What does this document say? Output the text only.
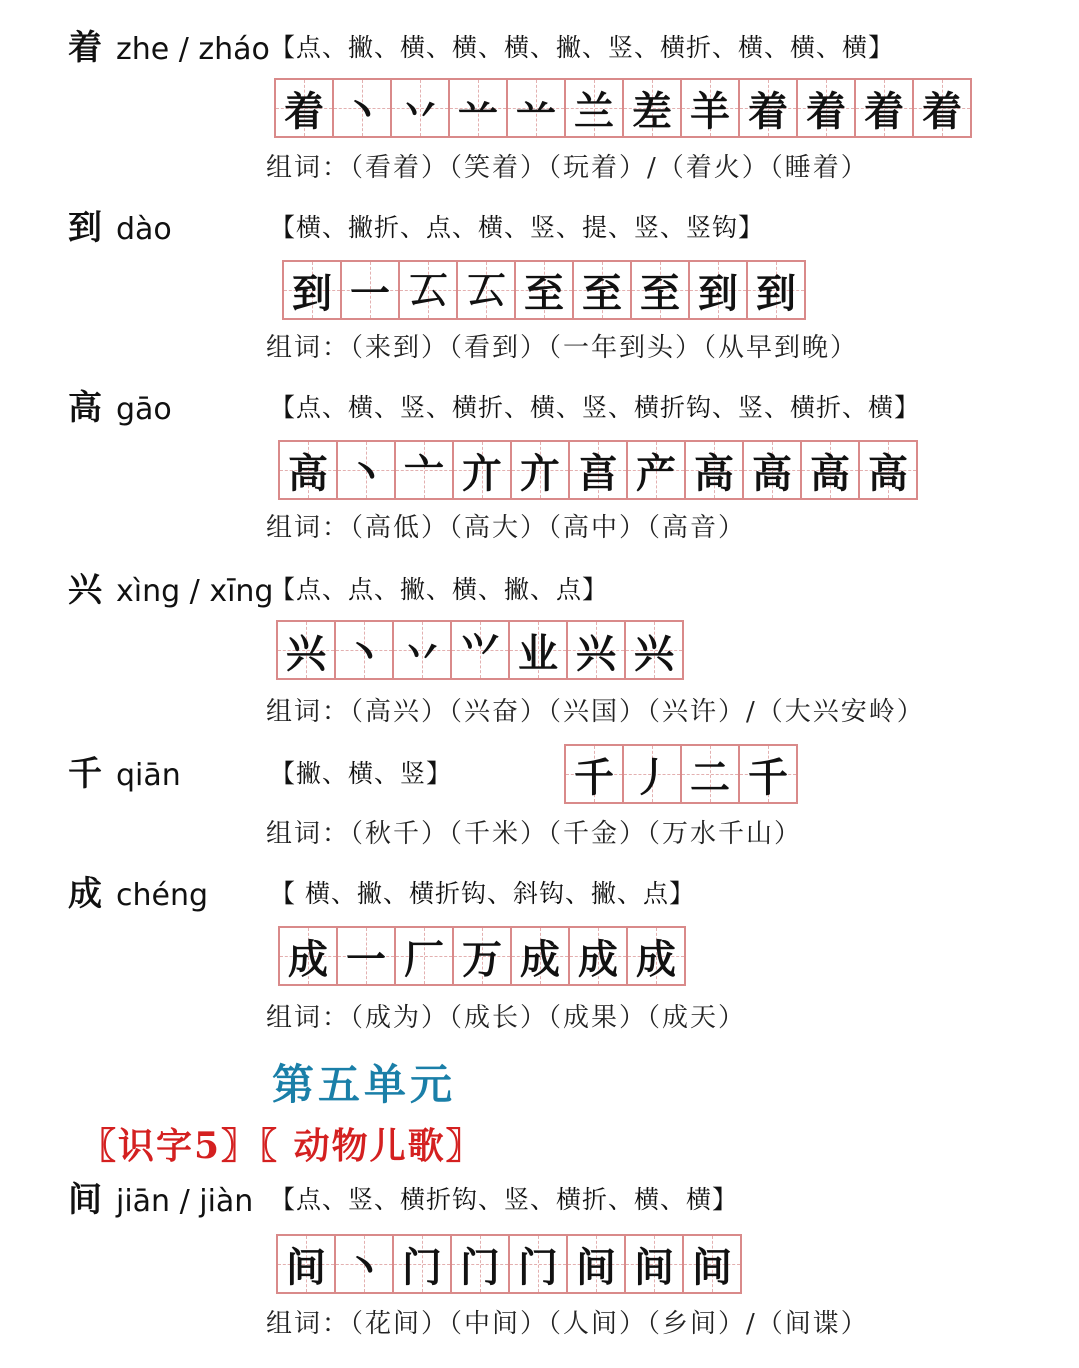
着 zhe / zháo 【点、撇、横、横、横、撇、竖、横折、横、横、横】
着 丶 丷 䒑 䒑 兰 差 羊 着 着 着 着
组词：（看着）（笑着）（玩着）/（着火）（睡着）
到 dào	【横、撇折、点、横、竖、提、竖、竖钩】
到 一 𠫔 𠫔 至 至 至 到 到
组词：（来到）（看到）（一年到头）（从早到晚）
高 gāo	【点、横、竖、横折、横、竖、横折钩、竖、横折、横】
高 丶 亠 亣 亣 亯 产 高 高 高 高
组词：（高低）（高大）（高中）（高音）
兴 xìng / xīng
【点、点、撇、横、撇、点】
兴 丶 丷 ⺍ 业 兴 兴
组词：（高兴）（兴奋）（兴国）（兴许）/（大兴安岭）
千 qiān	【撇、横、竖】	千 丿 二 千
组词：（秋千）（千米）（千金）（万水千山）
成 chéng 【 横、撇、横折钩、斜钩、撇、点】
成 一 厂 万 成 成 成
组词：（成为）（成长）（成果）（成天）
第五单元
〖识字5〗〖 动物儿歌〗
间 jiān / jiàn 【点、竖、横折钩、竖、横折、横、横】
间 丶 门 门 门 间 间 间
组词：（花间）（中间）（人间）（乡间）/（间谍）
